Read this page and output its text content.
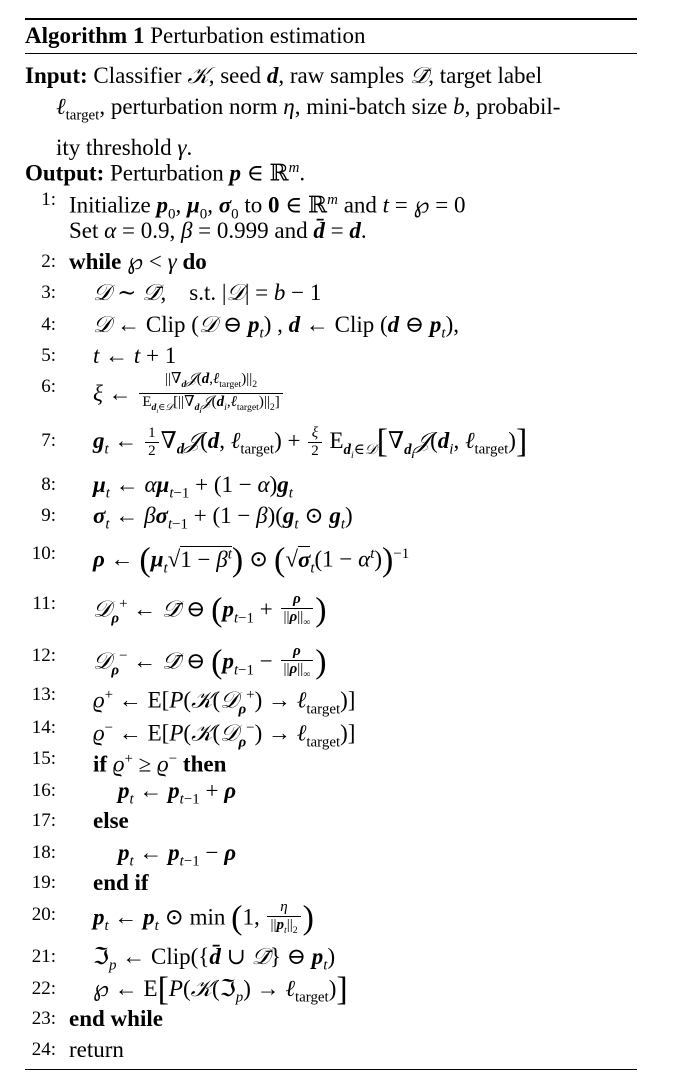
Algorithm 1 Perturbation estimation
Input: Classifier 𝒦, seed d, raw samples 𝒟̄, target label
ℓ$_{target}$, perturbation norm η, mini-batch size b, probabil-
ity threshold γ.
Output: Perturbation p ∈ ℝ$^m$.
1: Initialize $p_0$, $\mu_0$, $\sigma_0$ to 0 ∈ ℝ$^m$ and t = ℘ = 0
Set α = 0.9, β = 0.999 and d̄ = d.
2: while ℘ < γ do
3: 𝒟 ∼ 𝒟̄,    s.t. |𝒟| = b − 1
4: 𝒟 ← Clip (𝒟 ⊖ $p_t$) , d ← Clip (d ⊖ $p_t$),
5: t ← t + 1
6: ξ ← $\frac{||\nabla_d𝒥(d,\ell_{target})||_2}{E_{d_i\in 𝒟}[||\nabla_{d_i}𝒥(d_i,\ell_{target})||_2]}$
7: $g_t$ ← $\frac{1}{2}$ $\nabla_d𝒥(d$, ℓ$_{target}$) + $\frac{\xi}{2}$ $E_{d_i\in 𝒟}[\nabla_{d_i}𝒥(d_i$, ℓ$_{target}$)]
8: $\mu_t$ ← $\alpha\mu_{t-1} + (1 - \alpha)g_t$
9: $\sigma_t$ ← $\beta\sigma_{t-1} + (1 - \beta)(g_t$ ⊙ $g_t$)
10: ρ ← $(\mu_t√1 - \beta^t)$ ⊙ $(√\sigma_t(1 - \alpha^t))^{-1}$
11: 𝒟$_\rho$+ ← 𝒟̄ ⊖ ($p_{t-1} + \frac{\rho}{||\rho||_\infty}$ )
12: 𝒟$_\rho$− ← 𝒟̄ ⊖ ($p_{t-1} - \frac{\rho}{||\rho||_\infty}$ )
13: ϱ+ ← E[P(𝒦(𝒟$_\rho$+) → ℓ$_{target}$)]
14: ϱ− ← E[P(𝒦(𝒟$_\rho$−) → ℓ$_{target}$)]
15: if ϱ+ ≥ ϱ− then
16:	$p_t$ ← $p_{t-1} + \rho$
17: else
18:	$p_t$ ← $p_{t-1} - \rho$
19: end if
20: $p_t$ ← $p_t$ ⊙ min (1, $\frac{\eta}{||p_t||_2}$ )
21: ℑ$_p$ ← Clip({d̄ ∪ 𝒟̄} ⊖ $p_t$)
22: ℘ ← E[P(𝒦(ℑ$_p$) → ℓ$_{target}$)]
23: end while
24: return
